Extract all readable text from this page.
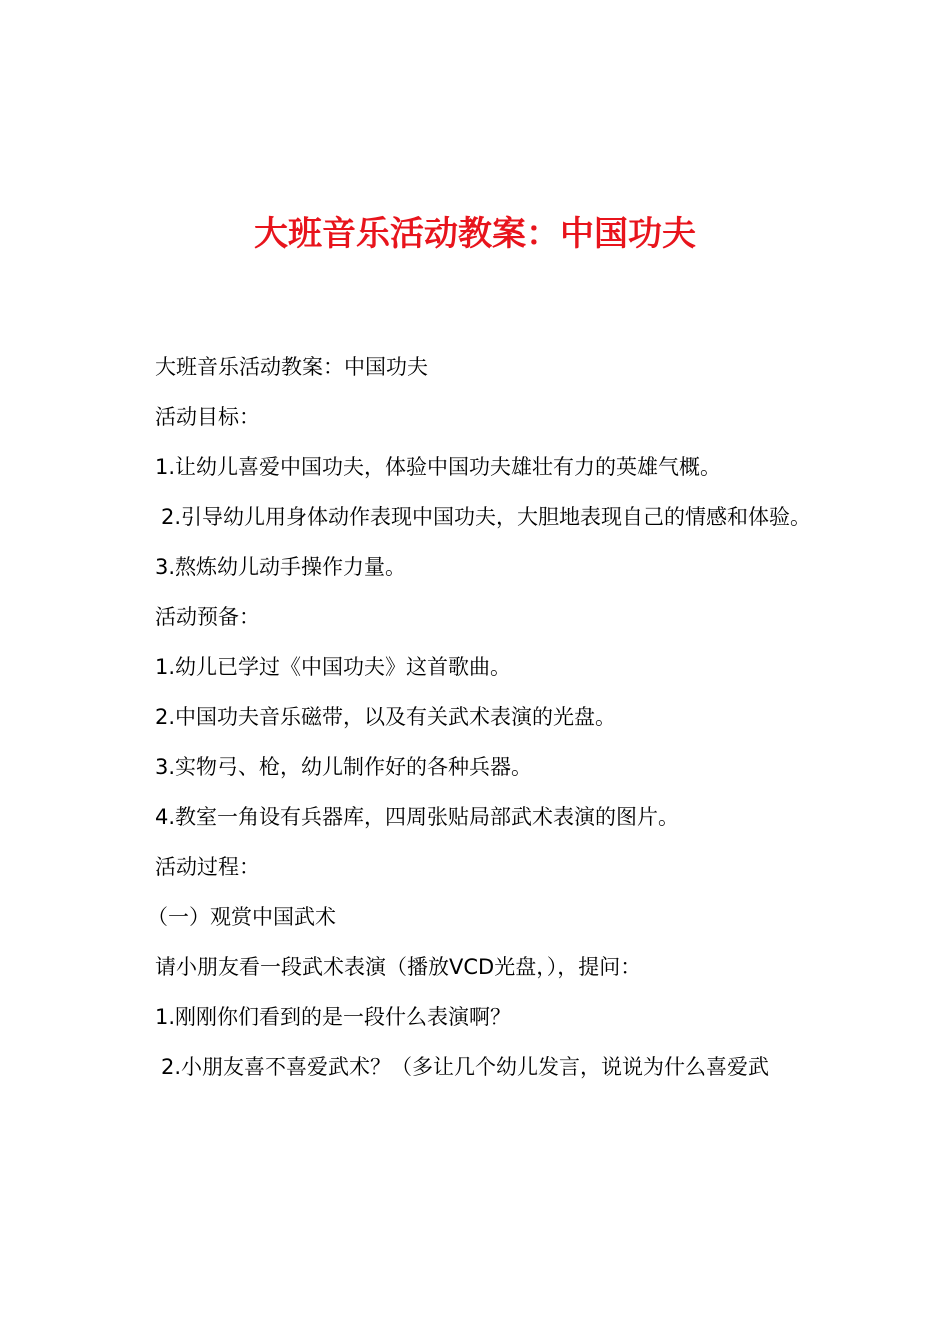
大班音乐活动教案：中国功夫

大班音乐活动教案：中国功夫

活动目标：

1.让幼儿喜爱中国功夫，体验中国功夫雄壮有力的英雄气概。

2.引导幼儿用身体动作表现中国功夫，大胆地表现自己的情感和体验。

3.熬炼幼儿动手操作力量。

活动预备：

1.幼儿已学过《中国功夫》这首歌曲。

2.中国功夫音乐磁带，以及有关武术表演的光盘。

3.实物弓、枪，幼儿制作好的各种兵器。

4.教室一角设有兵器库，四周张贴局部武术表演的图片。

活动过程：

（一）观赏中国武术

请小朋友看一段武术表演（播放VCD光盘，），提问：

1.刚刚你们看到的是一段什么表演啊？

2.小朋友喜不喜爱武术？（多让几个幼儿发言，说说为什么喜爱武
